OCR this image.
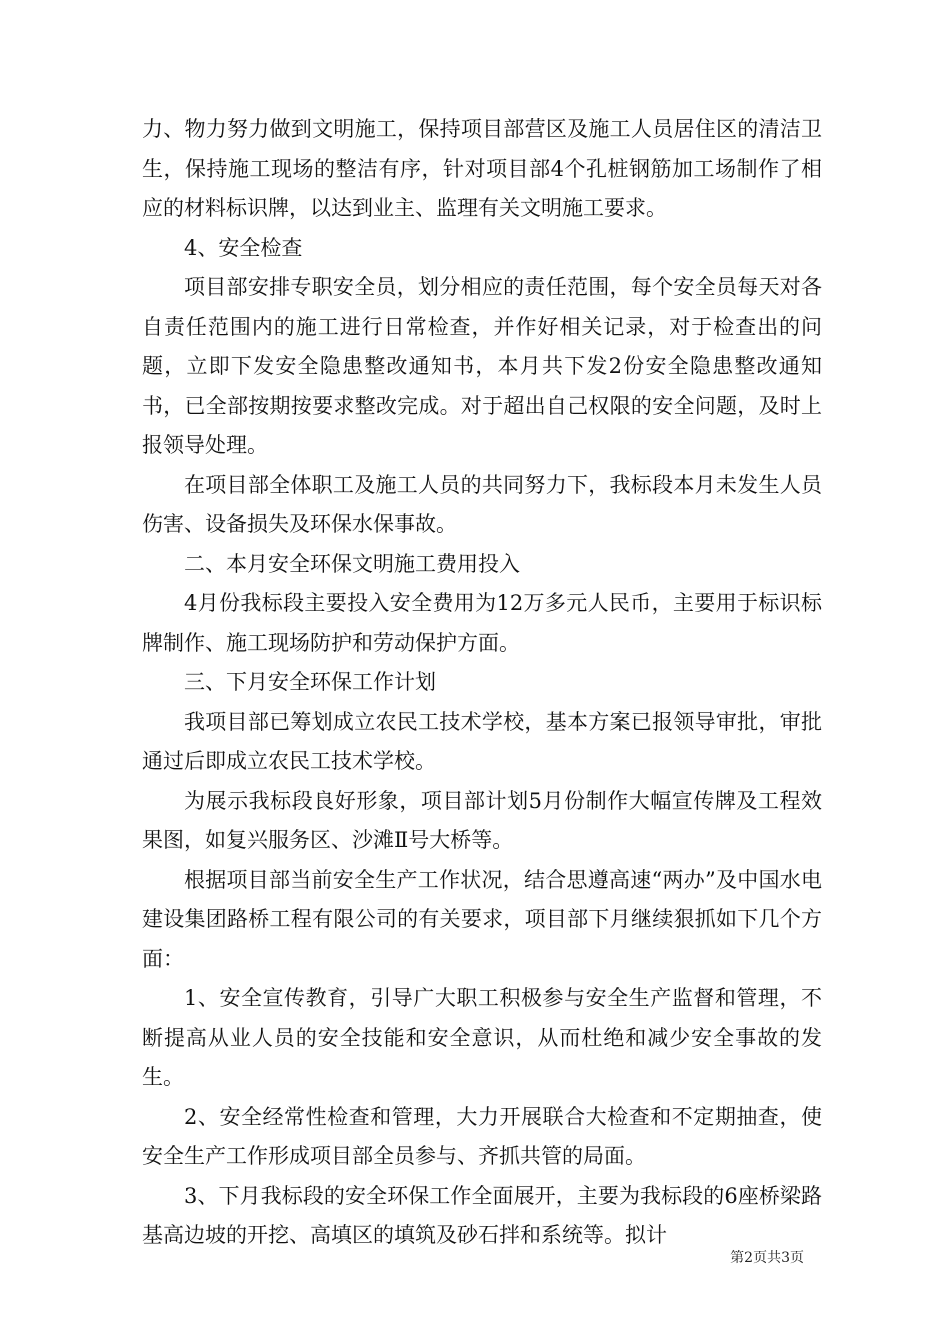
力、物力努力做到文明施工，保持项目部营区及施工人员居住区的清洁卫生，保持施工现场的整洁有序，针对项目部4个孔桩钢筋加工场制作了相应的材料标识牌，以达到业主、监理有关文明施工要求。

4、安全检查

项目部安排专职安全员，划分相应的责任范围，每个安全员每天对各自责任范围内的施工进行日常检查，并作好相关记录，对于检查出的问题，立即下发安全隐患整改通知书，本月共下发2份安全隐患整改通知书，已全部按期按要求整改完成。对于超出自己权限的安全问题，及时上报领导处理。

在项目部全体职工及施工人员的共同努力下，我标段本月未发生人员伤害、设备损失及环保水保事故。

二、本月安全环保文明施工费用投入

4月份我标段主要投入安全费用为12万多元人民币，主要用于标识标牌制作、施工现场防护和劳动保护方面。

三、下月安全环保工作计划

我项目部已筹划成立农民工技术学校，基本方案已报领导审批，审批通过后即成立农民工技术学校。

为展示我标段良好形象，项目部计划5月份制作大幅宣传牌及工程效果图，如复兴服务区、沙滩Ⅱ号大桥等。

根据项目部当前安全生产工作状况，结合思遵高速“两办”及中国水电建设集团路桥工程有限公司的有关要求，项目部下月继续狠抓如下几个方面：

1、安全宣传教育，引导广大职工积极参与安全生产监督和管理，不断提高从业人员的安全技能和安全意识，从而杜绝和减少安全事故的发生。

2、安全经常性检查和管理，大力开展联合大检查和不定期抽查，使安全生产工作形成项目部全员参与、齐抓共管的局面。

3、下月我标段的安全环保工作全面展开，主要为我标段的6座桥梁路基高边坡的开挖、高填区的填筑及砂石拌和系统等。拟计

第2页共3页
